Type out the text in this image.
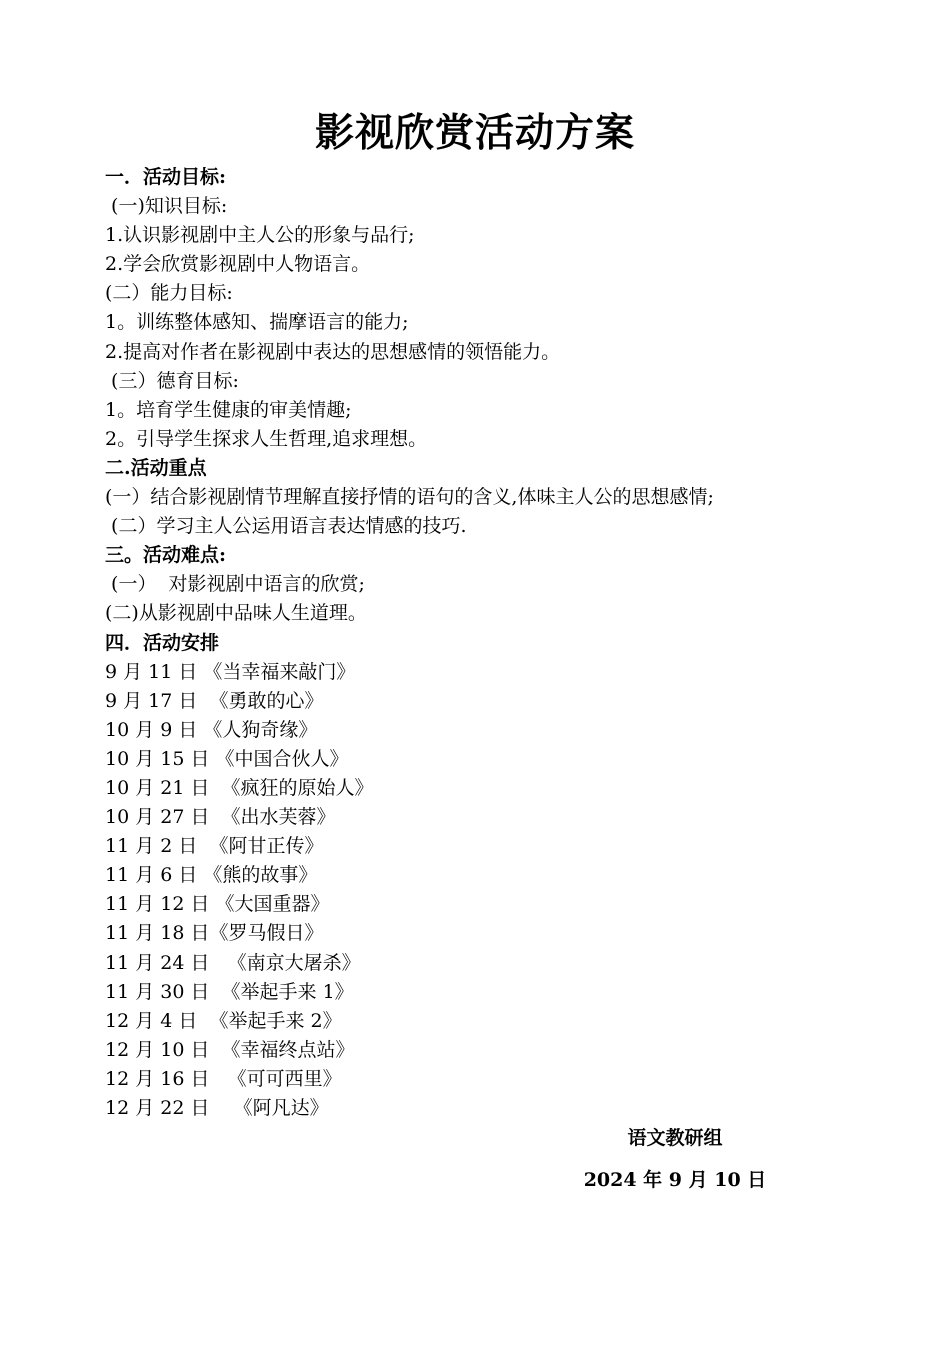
影视欣赏活动方案
一．活动目标:
(一)知识目标:
1.认识影视剧中主人公的形象与品行;
2.学会欣赏影视剧中人物语言。
(二）能力目标:
1。训练整体感知、揣摩语言的能力;
2.提高对作者在影视剧中表达的思想感情的领悟能力。
(三）德育目标:
1。培育学生健康的审美情趣;
2。引导学生探求人生哲理,追求理想。
二.活动重点
(一）结合影视剧情节理解直接抒情的语句的含义,体味主人公的思想感情;
(二）学习主人公运用语言表达情感的技巧.
三。活动难点:
(一）  对影视剧中语言的欣赏;
(二)从影视剧中品味人生道理。
四．活动安排
9 月 11 日 《当幸福来敲门》
9 月 17 日  《勇敢的心》
10 月 9 日 《人狗奇缘》
10 月 15 日 《中国合伙人》
10 月 21 日  《疯狂的原始人》
10 月 27 日  《出水芙蓉》
11 月 2 日  《阿甘正传》
11 月 6 日 《熊的故事》
11 月 12 日 《大国重器》
11 月 18 日《罗马假日》
11 月 24 日   《南京大屠杀》
11 月 30 日  《举起手来 1》
12 月 4 日  《举起手来 2》
12 月 10 日  《幸福终点站》
12 月 16 日   《可可西里》
12 月 22 日    《阿凡达》
语文教研组
2024 年 9 月 10 日
